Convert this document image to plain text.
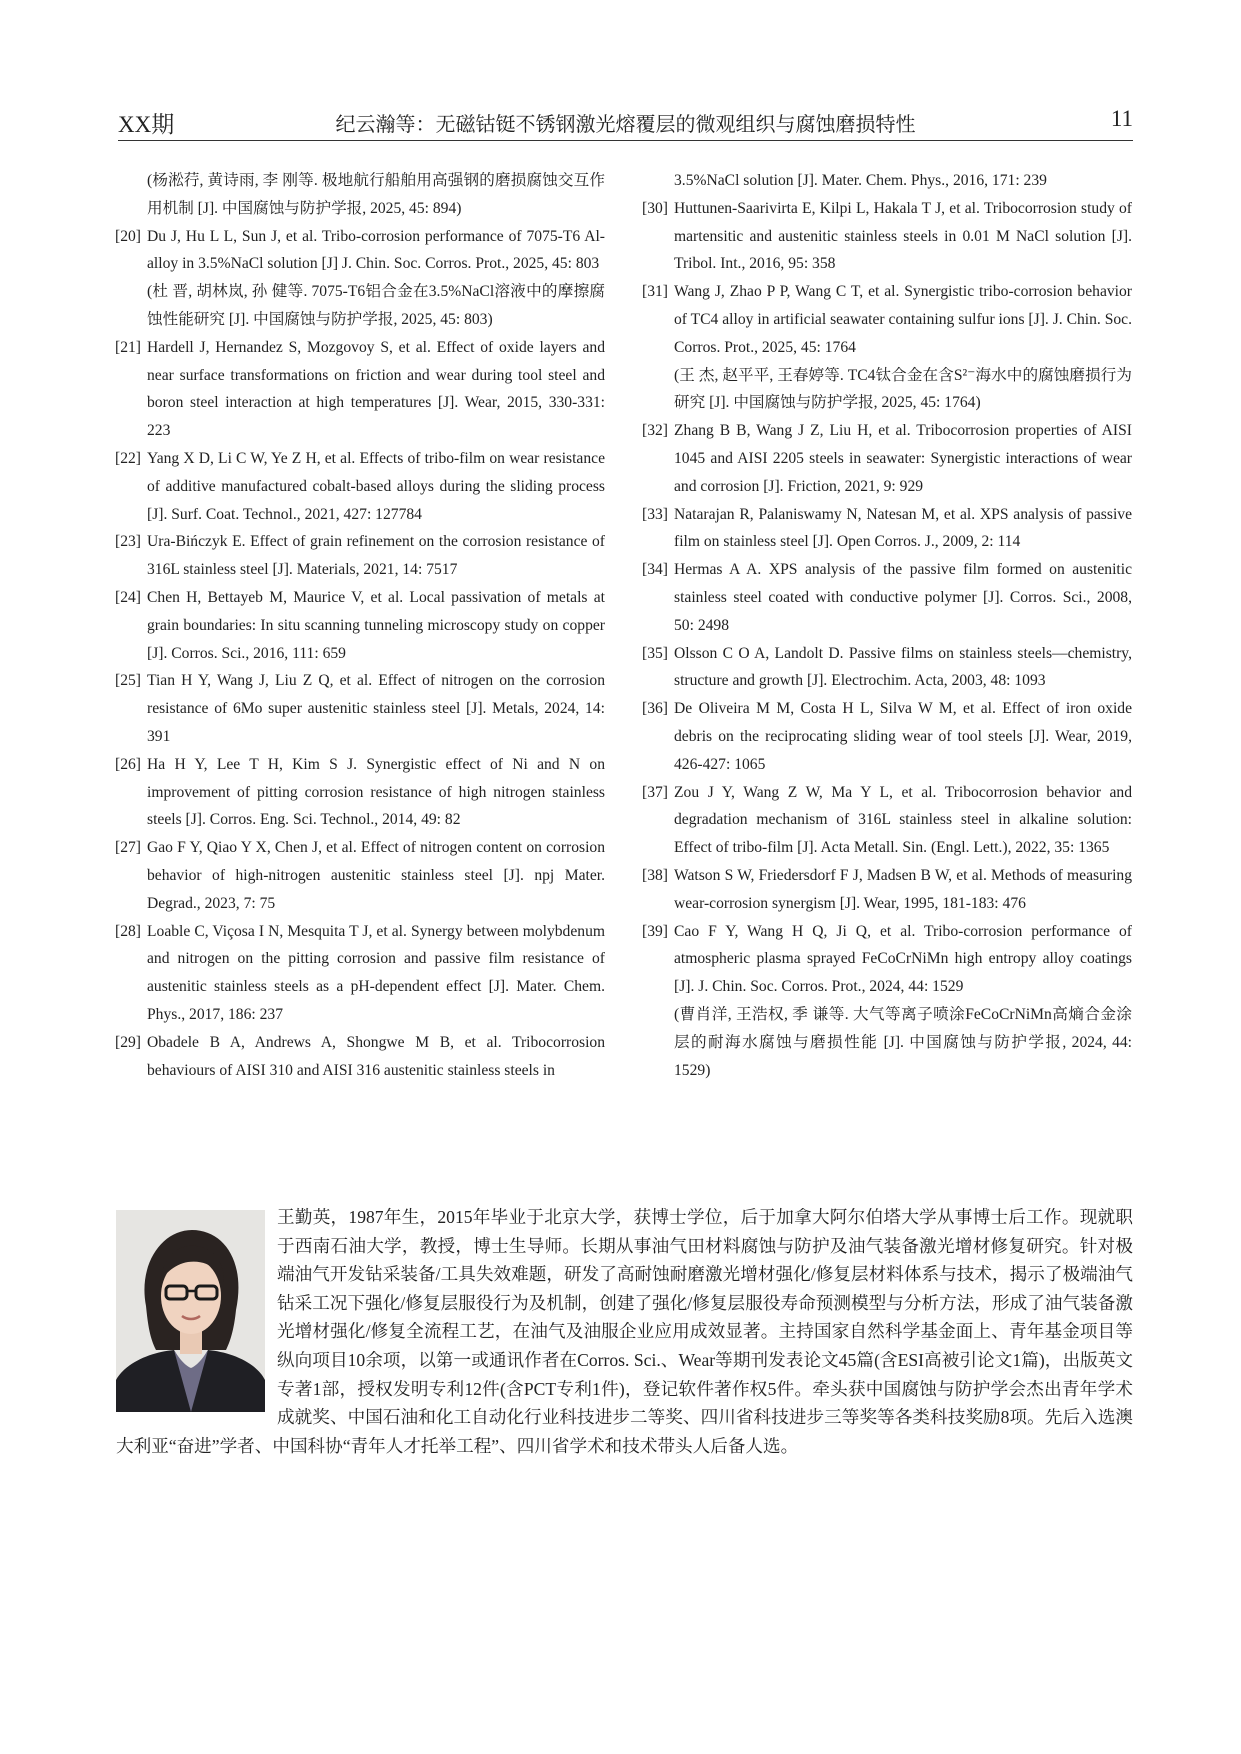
XX期	纪云瀚等：无磁钴铤不锈钢激光熔覆层的微观组织与腐蚀磨损特性	11
(杨淞荇, 黄诗雨, 李 刚等. 极地航行船舶用高强钢的磨损腐蚀交互作用机制 [J]. 中国腐蚀与防护学报, 2025, 45: 894)
[20] Du J, Hu L L, Sun J, et al. Tribo-corrosion performance of 7075-T6 Al-alloy in 3.5%NaCl solution [J] J. Chin. Soc. Corros. Prot., 2025, 45: 803
(杜 晋, 胡林岚, 孙 健等. 7075-T6铝合金在3.5%NaCl溶液中的摩擦腐蚀性能研究 [J]. 中国腐蚀与防护学报, 2025, 45: 803)
[21] Hardell J, Hernandez S, Mozgovoy S, et al. Effect of oxide layers and near surface transformations on friction and wear during tool steel and boron steel interaction at high temperatures [J]. Wear, 2015, 330-331: 223
[22] Yang X D, Li C W, Ye Z H, et al. Effects of tribo-film on wear resistance of additive manufactured cobalt-based alloys during the sliding process [J]. Surf. Coat. Technol., 2021, 427: 127784
[23] Ura-Bińczyk E. Effect of grain refinement on the corrosion resistance of 316L stainless steel [J]. Materials, 2021, 14: 7517
[24] Chen H, Bettayeb M, Maurice V, et al. Local passivation of metals at grain boundaries: In situ scanning tunneling microscopy study on copper [J]. Corros. Sci., 2016, 111: 659
[25] Tian H Y, Wang J, Liu Z Q, et al. Effect of nitrogen on the corrosion resistance of 6Mo super austenitic stainless steel [J]. Metals, 2024, 14: 391
[26] Ha H Y, Lee T H, Kim S J. Synergistic effect of Ni and N on improvement of pitting corrosion resistance of high nitrogen stainless steels [J]. Corros. Eng. Sci. Technol., 2014, 49: 82
[27] Gao F Y, Qiao Y X, Chen J, et al. Effect of nitrogen content on corrosion behavior of high-nitrogen austenitic stainless steel [J]. npj Mater. Degrad., 2023, 7: 75
[28] Loable C, Viçosa I N, Mesquita T J, et al. Synergy between molybdenum and nitrogen on the pitting corrosion and passive film resistance of austenitic stainless steels as a pH-dependent effect [J]. Mater. Chem. Phys., 2017, 186: 237
[29] Obadele B A, Andrews A, Shongwe M B, et al. Tribocorrosion behaviours of AISI 310 and AISI 316 austenitic stainless steels in
3.5%NaCl solution [J]. Mater. Chem. Phys., 2016, 171: 239
[30] Huttunen-Saarivirta E, Kilpi L, Hakala T J, et al. Tribocorrosion study of martensitic and austenitic stainless steels in 0.01 M NaCl solution [J]. Tribol. Int., 2016, 95: 358
[31] Wang J, Zhao P P, Wang C T, et al. Synergistic tribo-corrosion behavior of TC4 alloy in artificial seawater containing sulfur ions [J]. J. Chin. Soc. Corros. Prot., 2025, 45: 1764
(王 杰, 赵平平, 王春婷等. TC4钛合金在含S²⁻海水中的腐蚀磨损行为研究 [J]. 中国腐蚀与防护学报, 2025, 45: 1764)
[32] Zhang B B, Wang J Z, Liu H, et al. Tribocorrosion properties of AISI 1045 and AISI 2205 steels in seawater: Synergistic interactions of wear and corrosion [J]. Friction, 2021, 9: 929
[33] Natarajan R, Palaniswamy N, Natesan M, et al. XPS analysis of passive film on stainless steel [J]. Open Corros. J., 2009, 2: 114
[34] Hermas A A. XPS analysis of the passive film formed on austenitic stainless steel coated with conductive polymer [J]. Corros. Sci., 2008, 50: 2498
[35] Olsson C O A, Landolt D. Passive films on stainless steels—chemistry, structure and growth [J]. Electrochim. Acta, 2003, 48: 1093
[36] De Oliveira M M, Costa H L, Silva W M, et al. Effect of iron oxide debris on the reciprocating sliding wear of tool steels [J]. Wear, 2019, 426-427: 1065
[37] Zou J Y, Wang Z W, Ma Y L, et al. Tribocorrosion behavior and degradation mechanism of 316L stainless steel in alkaline solution: Effect of tribo-film [J]. Acta Metall. Sin. (Engl. Lett.), 2022, 35: 1365
[38] Watson S W, Friedersdorf F J, Madsen B W, et al. Methods of measuring wear-corrosion synergism [J]. Wear, 1995, 181-183: 476
[39] Cao F Y, Wang H Q, Ji Q, et al. Tribo-corrosion performance of atmospheric plasma sprayed FeCoCrNiMn high entropy alloy coatings [J]. J. Chin. Soc. Corros. Prot., 2024, 44: 1529
(曹肖洋, 王浩权, 季 谦等. 大气等离子喷涂FeCoCrNiMn高熵合金涂层的耐海水腐蚀与磨损性能 [J]. 中国腐蚀与防护学报, 2024, 44: 1529)
王勤英，1987年生，2015年毕业于北京大学，获博士学位，后于加拿大阿尔伯塔大学从事博士后工作。现就职于西南石油大学，教授，博士生导师。长期从事油气田材料腐蚀与防护及油气装备激光增材修复研究。针对极端油气开发钻采装备/工具失效难题，研发了高耐蚀耐磨激光增材强化/修复层材料体系与技术，揭示了极端油气钻采工况下强化/修复层服役行为及机制，创建了强化/修复层服役寿命预测模型与分析方法，形成了油气装备激光增材强化/修复全流程工艺，在油气及油服企业应用成效显著。主持国家自然科学基金面上、青年基金项目等纵向项目10余项，以第一或通讯作者在Corros. Sci.、Wear等期刊发表论文45篇(含ESI高被引论文1篇)，出版英文专著1部，授权发明专利12件(含PCT专利1件)，登记软件著作权5件。牵头获中国腐蚀与防护学会杰出青年学术成就奖、中国石油和化工自动化行业科技进步二等奖、四川省科技进步三等奖等各类科技奖励8项。先后入选澳大利亚“奋进”学者、中国科协“青年人才托举工程”、四川省学术和技术带头人后备人选。
